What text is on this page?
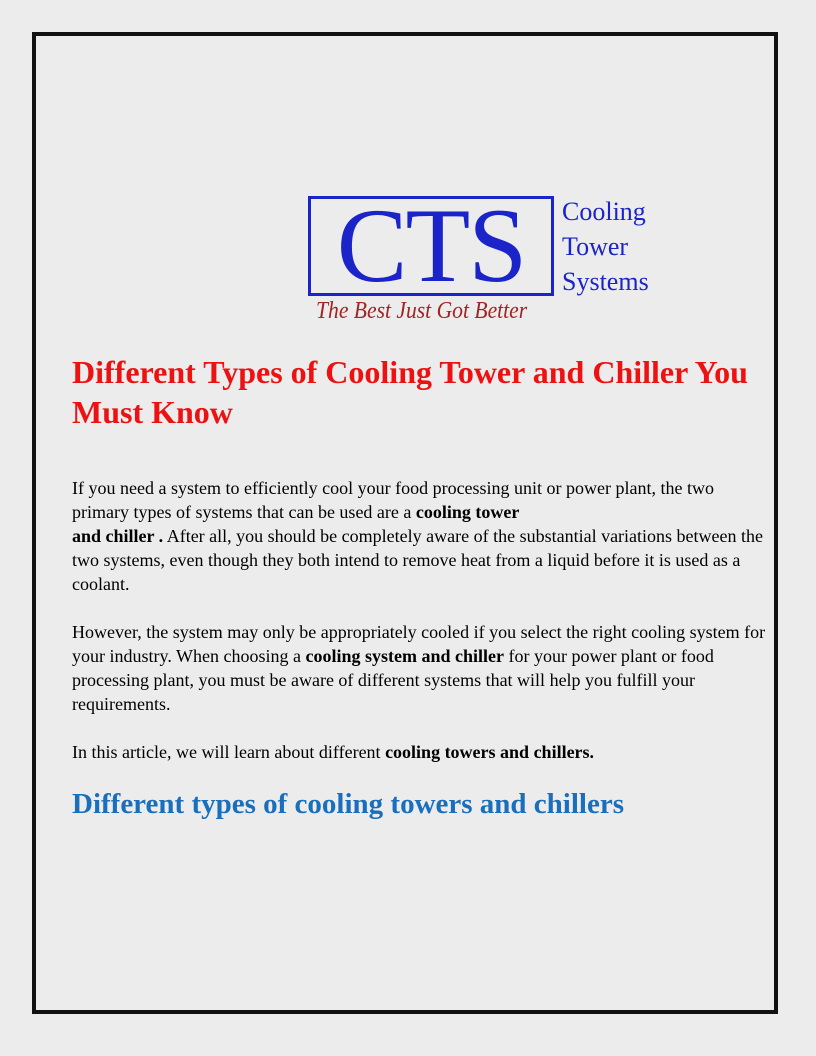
CTS	Cooling
Tower
Systems
The Best Just Got Better
Different Types of Cooling Tower and Chiller You Must Know

If you need a system to efficiently cool your food processing unit or power plant, the two primary types of systems that can be used are a cooling tower
and chiller . After all, you should be completely aware of the substantial variations between the two systems, even though they both intend to remove heat from a liquid before it is used as a coolant.

However, the system may only be appropriately cooled if you select the right cooling system for your industry. When choosing a cooling system and chiller for your power plant or food processing plant, you must be aware of different systems that will help you fulfill your requirements.

In this article, we will learn about different cooling towers and chillers.

Different types of cooling towers and chillers
